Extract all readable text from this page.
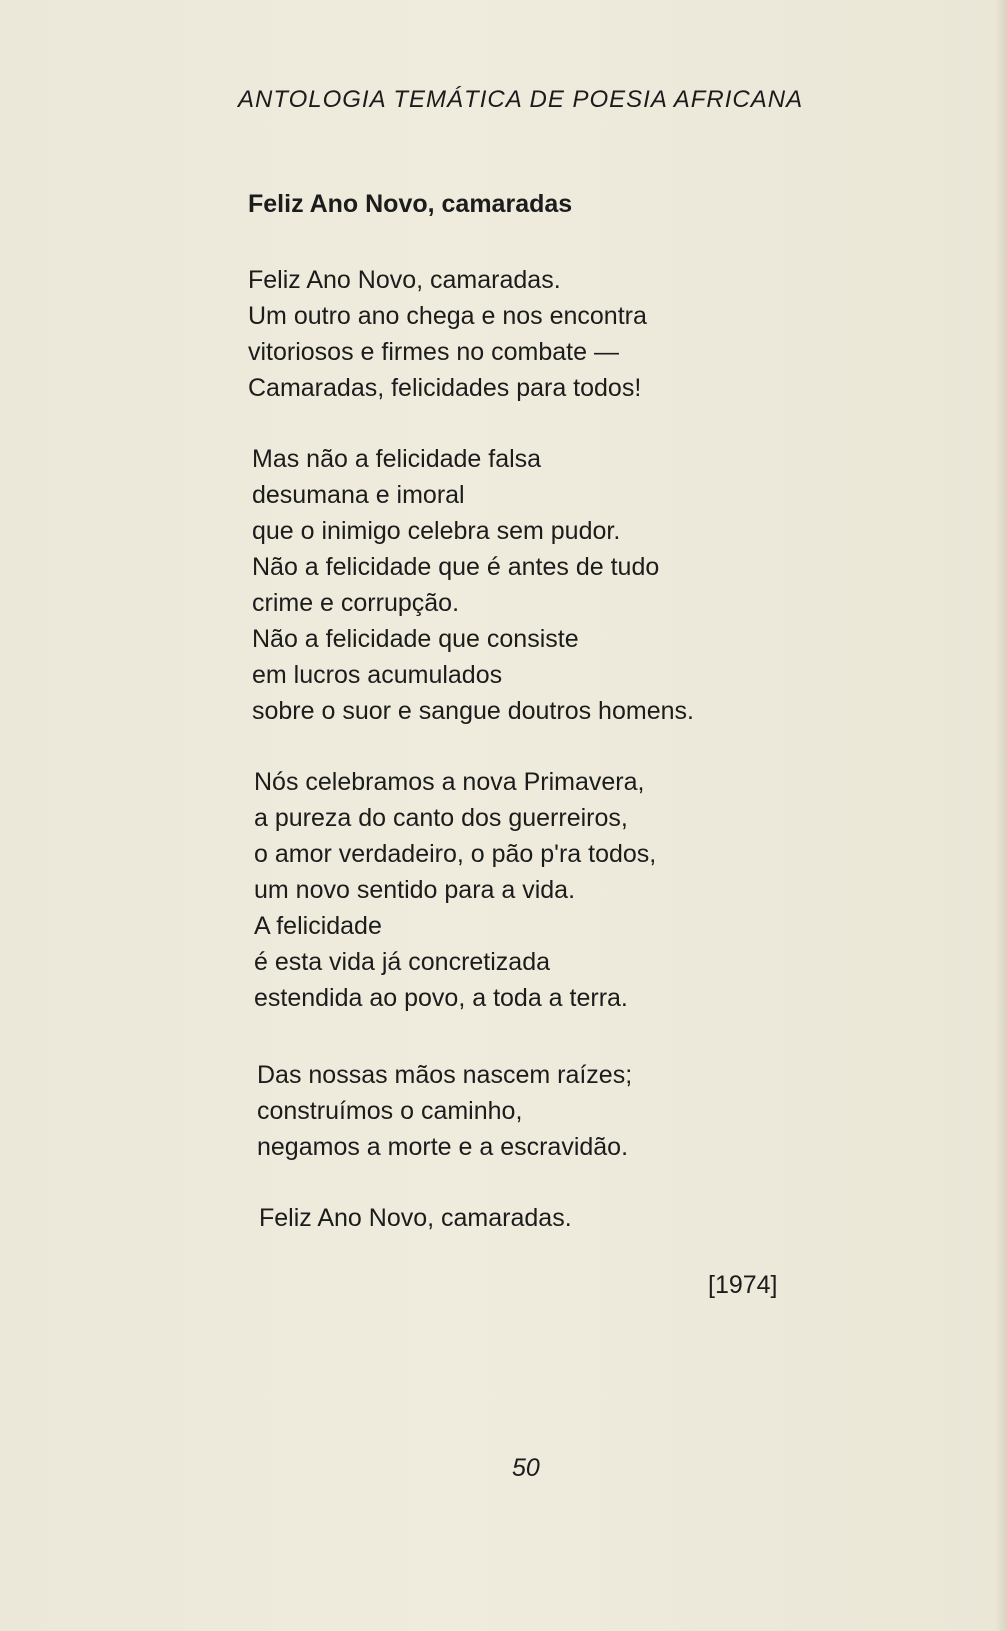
ANTOLOGIA TEMÁTICA DE POESIA AFRICANA
Feliz Ano Novo, camaradas
Feliz Ano Novo, camaradas.
Um outro ano chega e nos encontra
vitoriosos e firmes no combate —
Camaradas, felicidades para todos!
Mas não a felicidade falsa
desumana e imoral
que o inimigo celebra sem pudor.
Não a felicidade que é antes de tudo
crime e corrupção.
Não a felicidade que consiste
em lucros acumulados
sobre o suor e sangue doutros homens.
Nós celebramos a nova Primavera,
a pureza do canto dos guerreiros,
o amor verdadeiro, o pão p'ra todos,
um novo sentido para a vida.
A felicidade
é esta vida já concretizada
estendida ao povo, a toda a terra.
Das nossas mãos nascem raízes;
construímos o caminho,
negamos a morte e a escravidão.
Feliz Ano Novo, camaradas.
[1974]
50
